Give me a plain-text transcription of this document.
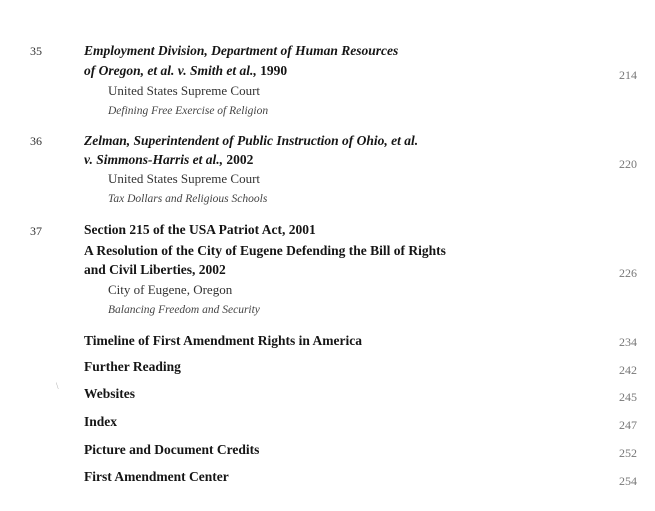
35	Employment Division, Department of Human Resources
of Oregon, et al. v. Smith et al., 1990
United States Supreme Court
Defining Free Exercise of Religion
214
36	Zelman, Superintendent of Public Instruction of Ohio, et al.
v. Simmons-Harris et al., 2002
United States Supreme Court
Tax Dollars and Religious Schools
220
37	Section 215 of the USA Patriot Act, 2001
A Resolution of the City of Eugene Defending the Bill of Rights
and Civil Liberties, 2002
City of Eugene, Oregon
Balancing Freedom and Security
226
Timeline of First Amendment Rights in America	234
Further Reading	242
\ Websites	245
Index	247
Picture and Document Credits	252
First Amendment Center	254
